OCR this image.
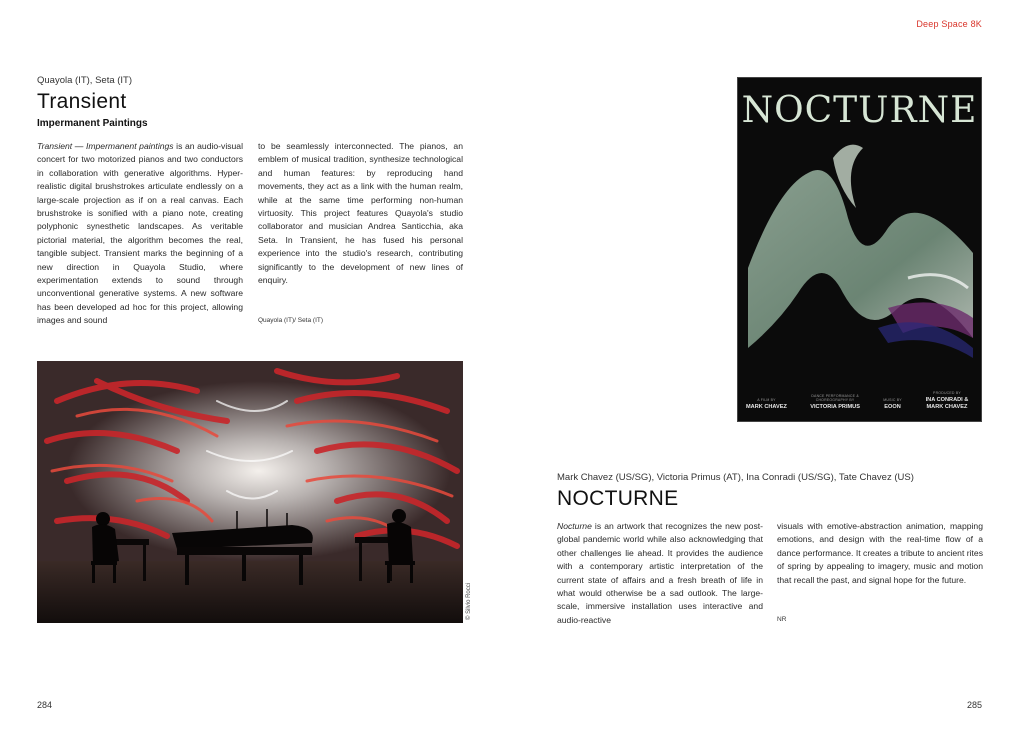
Deep Space 8K
Quayola (IT), Seta (IT)
Transient
Impermanent Paintings

Transient — Impermanent paintings is an audio-visual concert for two motorized pianos and two conductors in collaboration with generative algorithms. Hyper-realistic digital brushstrokes articulate endlessly on a large-scale projection as if on a real canvas. Each brushstroke is sonified with a piano note, creating polyphonic synesthetic landscapes. As veritable pictorial material, the algorithm becomes the real, tangible subject. Transient marks the beginning of a new direction in Quayola Studio, where experimentation extends to sound through unconventional generative systems. A new software has been developed ad hoc for this project, allowing images and sound

to be seamlessly interconnected. The pianos, an emblem of musical tradition, synthesize technological and human features: by reproducing hand movements, they act as a link with the human realm, while at the same time performing non-human virtuosity. This project features Quayola's studio collaborator and musician Andrea Santicchia, aka Seta. In Transient, he has fused his personal experience into the studio's research, contributing significantly to the development of new lines of enquiry.

Quayola (IT)/ Seta (IT)
© Silvio Rocci
284
NOCTURNE
A FILM BY
MARK CHAVEZ
DANCE PERFORMANCE & CHOREOGRAPHY BY
VICTORIA PRIMUS
MUSIC BY
EOON
PRODUCED BY
INA CONRADI & MARK CHAVEZ
Mark Chavez (US/SG), Victoria Primus (AT), Ina Conradi (US/SG), Tate Chavez (US)
NOCTURNE

Nocturne is an artwork that recognizes the new post-global pandemic world while also acknowledging that other challenges lie ahead. It provides the audience with a contemporary artistic interpretation of the current state of affairs and a fresh breath of life in what would otherwise be a sad outlook. The large-scale, immersive installation uses interactive and audio-reactive

visuals with emotive-abstraction animation, mapping emotions, and design with the real-time flow of a dance performance. It creates a tribute to ancient rites of spring by appealing to imagery, music and motion that recall the past, and signal hope for the future.

NR
285
